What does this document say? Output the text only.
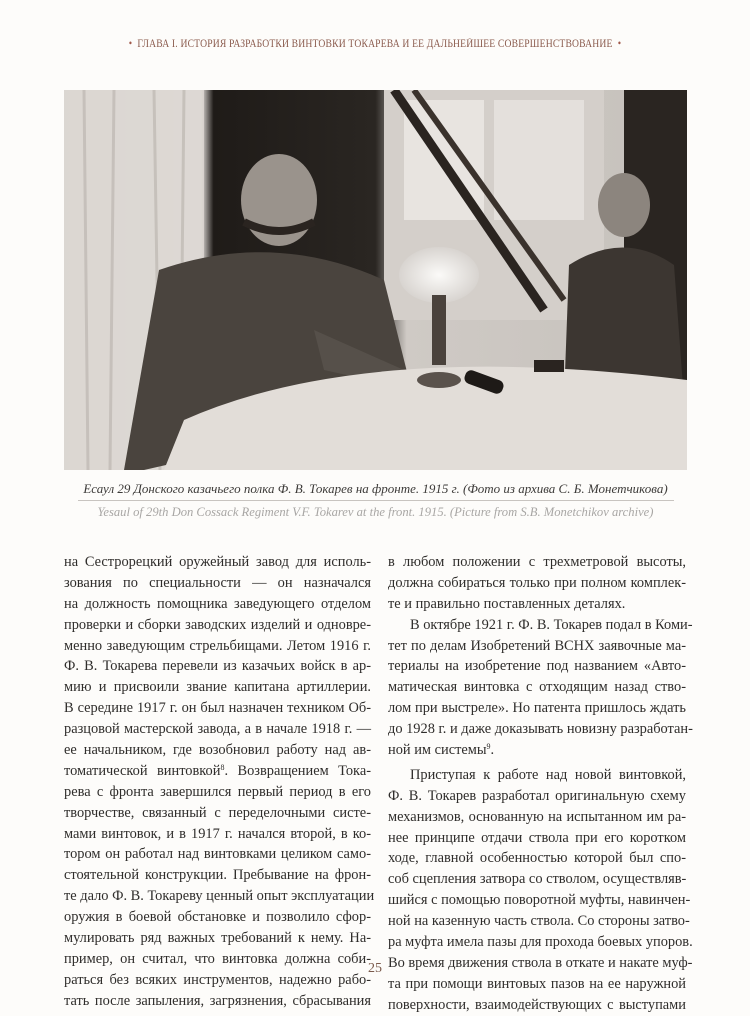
• ГЛАВА I. ИСТОРИЯ РАЗРАБОТКИ ВИНТОВКИ ТОКАРЕВА И ЕЕ ДАЛЬНЕЙШЕЕ СОВЕРШЕНСТВОВАНИЕ •
Есаул 29 Донского казачьего полка Ф. В. Токарев на фронте. 1915 г. (Фото из архива С. Б. Монетчикова)
Yesaul of 29th Don Cossack Regiment V.F. Tokarev at the front. 1915. (Picture from S.B. Monetchikov archive)
на Сестрорецкий оружейный завод для исполь-
зования по специальности — он назначался
на должность помощника заведующего отделом
проверки и сборки заводских изделий и одновре-
менно заведующим стрельбищами. Летом 1916 г.
Ф. В. Токарева перевели из казачьих войск в ар-
мию и присвоили звание капитана артиллерии.
В середине 1917 г. он был назначен техником Об-
разцовой мастерской завода, а в начале 1918 г. —
ее начальником, где возобновил работу над ав-
томатической винтовкой$^8$. Возвращением Тока-
рева с фронта завершился первый период в его
творчестве, связанный с переделочными систе-
мами винтовок, и в 1917 г. начался второй, в ко-
тором он работал над винтовками целиком само-
стоятельной конструкции. Пребывание на фрон-
те дало Ф. В. Токареву ценный опыт эксплуатации
оружия в боевой обстановке и позволило сфор-
мулировать ряд важных требований к нему. На-
пример, он считал, что винтовка должна соби-
раться без всяких инструментов, надежно рабо-
тать после запыления, загрязнения, сбрасывания
в любом положении с трехметровой высоты,
должна собираться только при полном комплек-
те и правильно поставленных деталях.
В октябре 1921 г. Ф. В. Токарев подал в Коми-
тет по делам Изобретений ВСНХ заявочные ма-
териалы на изобретение под названием «Авто-
матическая винтовка с отходящим назад ство-
лом при выстреле». Но патента пришлось ждать
до 1928 г. и даже доказывать новизну разработан-
ной им системы$^9$.
Приступая к работе над новой винтовкой,
Ф. В. Токарев разработал оригинальную схему
механизмов, основанную на испытанном им ра-
нее принципе отдачи ствола при его коротком
ходе, главной особенностью которой был спо-
соб сцепления затвора со стволом, осуществляв-
шийся с помощью поворотной муфты, навинчен-
ной на казенную часть ствола. Со стороны затво-
ра муфта имела пазы для прохода боевых упоров.
Во время движения ствола в откате и накате муф-
та при помощи винтовых пазов на ее наружной
поверхности, взаимодействующих с выступами
25
